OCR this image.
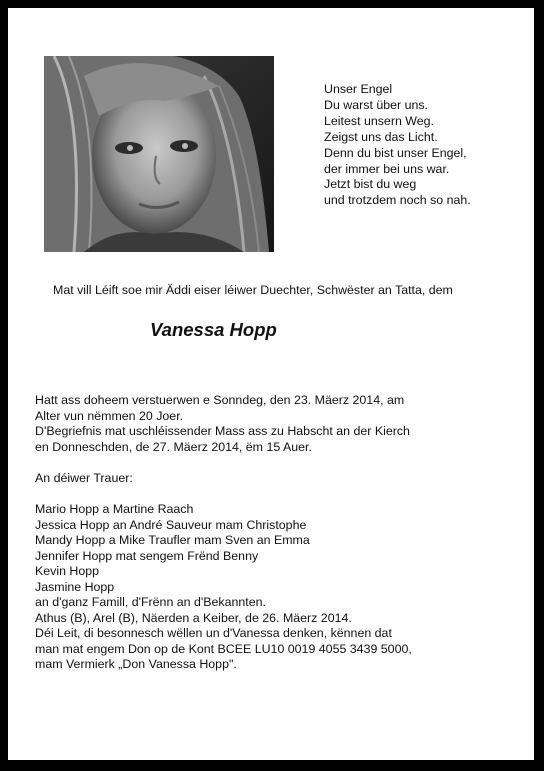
Unser Engel
Du warst über uns.
Leitest unsern Weg.
Zeigst uns das Licht.
Denn du bist unser Engel,
der immer bei uns war.
Jetzt bist du weg
und trotzdem noch so nah.
Mat vill Léift soe mir Äddi eiser léiwer Duechter, Schwëster an Tatta, dem
Vanessa Hopp
Hatt ass doheem verstuerwen e Sonndeg, den 23. Mäerz 2014, am
Alter vun nëmmen 20 Joer.
D'Begriefnis mat uschléissender Mass ass zu Habscht an der Kierch
en Donneschden, de 27. Mäerz 2014, ëm 15 Auer.
An déiwer Trauer:
Mario Hopp a Martine Raach
Jessica Hopp an André Sauveur mam Christophe
Mandy Hopp a Mike Traufler mam Sven an Emma
Jennifer Hopp mat sengem Frënd Benny
Kevin Hopp
Jasmine Hopp
an d'ganz Famill, d'Frënn an d'Bekannten.
Athus (B), Arel (B), Näerden a Keiber, de 26. Mäerz 2014.
Déi Leit, di besonnesch wëllen un d'Vanessa denken, kënnen dat
man mat engem Don op de Kont BCEE LU10 0019 4055 3439 5000,
mam Vermierk „Don Vanessa Hopp".
